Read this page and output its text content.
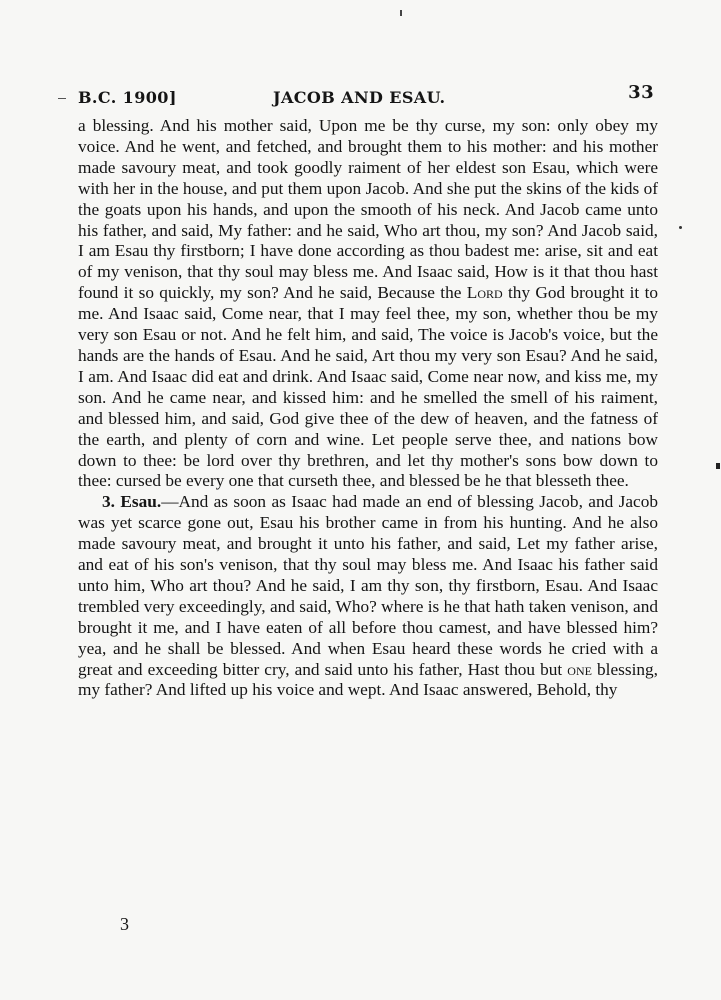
B.C. 1900]	JACOB AND ESAU.	33

a blessing. And his mother said, Upon me be thy curse, my son: only obey my voice. And he went, and fetched, and brought them to his mother: and his mother made savoury meat, and took goodly raiment of her eldest son Esau, which were with her in the house, and put them upon Jacob. And she put the skins of the kids of the goats upon his hands, and upon the smooth of his neck. And Jacob came unto his father, and said, My father: and he said, Who art thou, my son? And Jacob said, I am Esau thy firstborn; I have done according as thou badest me: arise, sit and eat of my venison, that thy soul may bless me. And Isaac said, How is it that thou hast found it so quickly, my son? And he said, Because the Lord thy God brought it to me. And Isaac said, Come near, that I may feel thee, my son, whether thou be my very son Esau or not. And he felt him, and said, The voice is Jacob's voice, but the hands are the hands of Esau. And he said, Art thou my very son Esau? And he said, I am. And Isaac did eat and drink. And Isaac said, Come near now, and kiss me, my son. And he came near, and kissed him: and he smelled the smell of his raiment, and blessed him, and said, God give thee of the dew of heaven, and the fatness of the earth, and plenty of corn and wine. Let people serve thee, and nations bow down to thee: be lord over thy brethren, and let thy mother's sons bow down to thee: cursed be every one that curseth thee, and blessed be he that blesseth thee.

3. Esau.—And as soon as Isaac had made an end of blessing Jacob, and Jacob was yet scarce gone out, Esau his brother came in from his hunting. And he also made savoury meat, and brought it unto his father, and said, Let my father arise, and eat of his son's venison, that thy soul may bless me. And Isaac his father said unto him, Who art thou? And he said, I am thy son, thy firstborn, Esau. And Isaac trembled very exceedingly, and said, Who? where is he that hath taken venison, and brought it me, and I have eaten of all before thou camest, and have blessed him? yea, and he shall be blessed. And when Esau heard these words he cried with a great and exceeding bitter cry, and said unto his father, Hast thou but one blessing, my father? And lifted up his voice and wept. And Isaac answered, Behold, thy

3
